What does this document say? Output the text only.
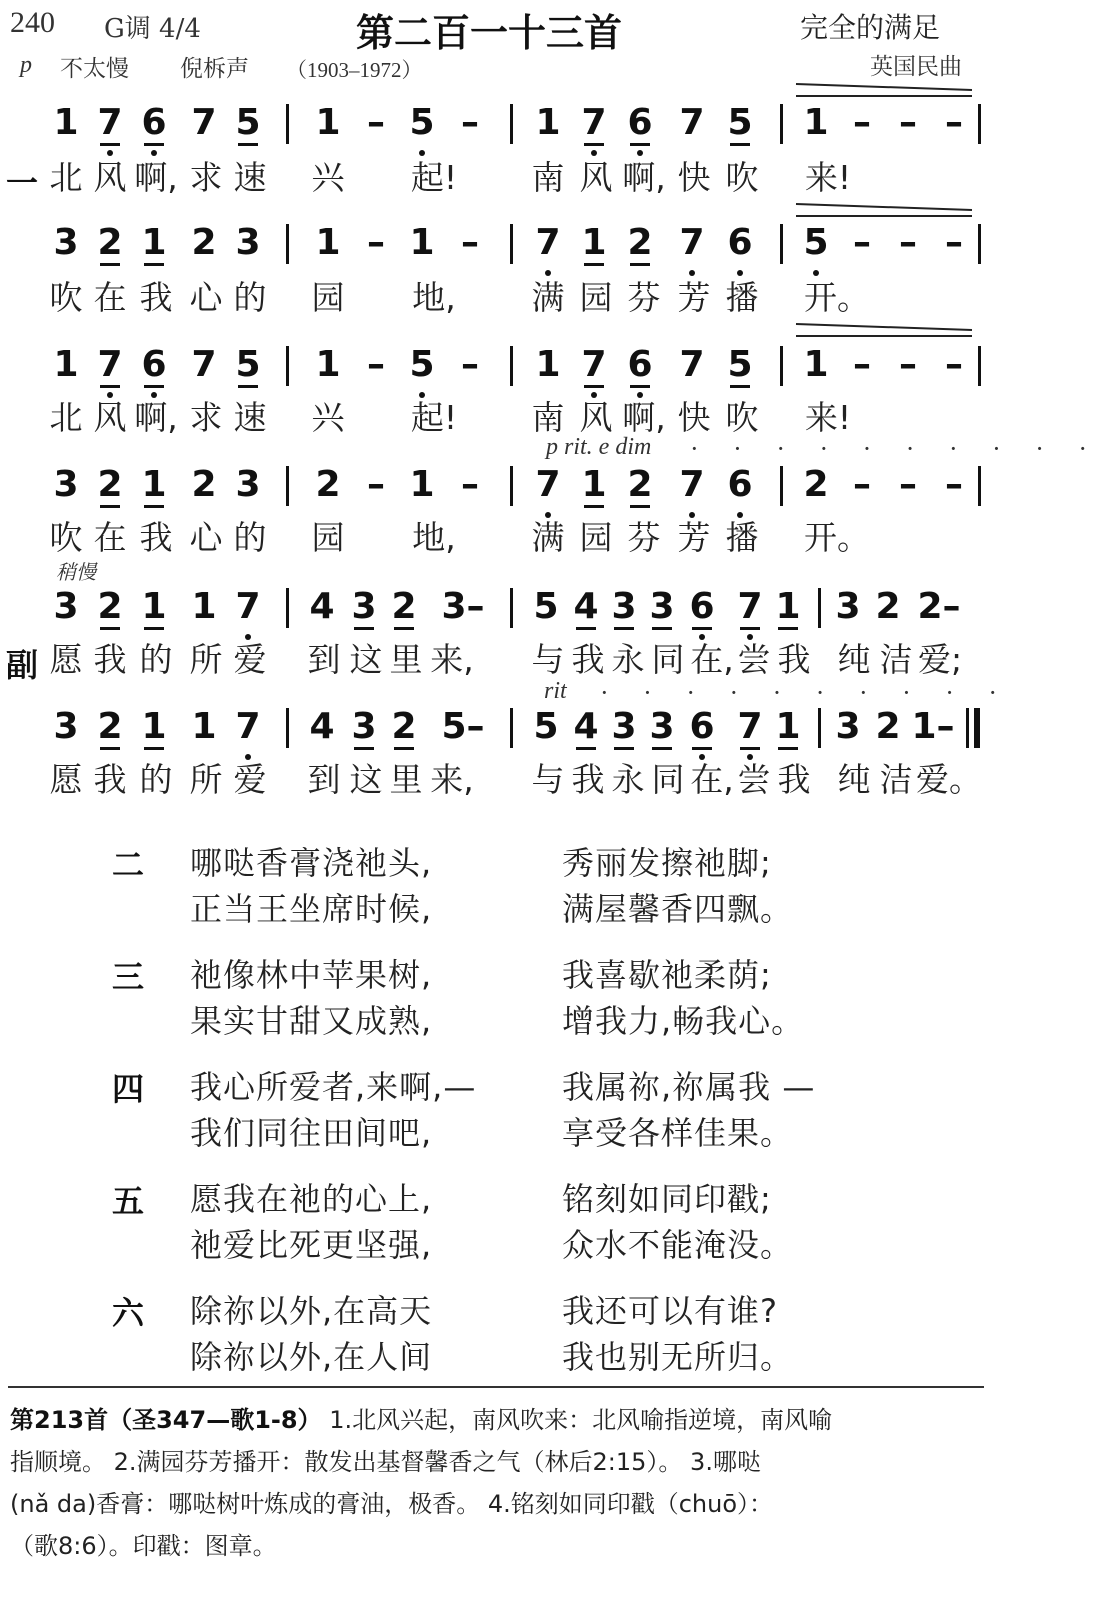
240 G调 4/4	第二百一十三首	完全的满足
p 不太慢 倪柝声 （1903–1972）	英国民曲
一
1 7 6 7 5 1 – 5 –	1 7 6 7 5 1 – – –
北 风 啊, 求 速 兴 起! 南 风 啊, 快 吹 来!
3 2 1 2 3 1 – 1 –	7 1 2 7 6 5 – – –
吹 在 我 心 的 园 地, 满 园 芬 芳 播 开。
1 7 6 7 5 1 – 5 –	1 7 6 7 5 1 – – –
北 风 啊, 求 速 兴 起! 南 风 啊, 快 吹 来!
p rit. e dim · · · · · · · · · ·
3 2 1 2 3 2 – 1 –	7 1 2 7 6 2 – – –
吹 在 我 心 的 园 地, 满 园 芬 芳 播 开。
稍慢
副
3 2 1 1 7 4 3 2 3–	5 4 3 3 6 7 1 3 2 2–
愿 我 的 所 爱 到 这 里 来, 与 我 永 同 在, 尝 我 纯 洁 爱;
rit · · · · · · · · · ·
3 2 1 1 7 4 3 2 5–	5 4 3 3 6 7 1 3 2 1–
愿 我 的 所 爱 到 这 里 来, 与 我 永 同 在, 尝 我 纯 洁 爱。
二 哪哒香膏浇祂头,	秀丽发擦祂脚;
正当王坐席时候,	满屋馨香四飘。
三 祂像林中苹果树,	我喜歇祂柔荫;
果实甘甜又成熟,	增我力,畅我心。
四 我心所爱者,来啊,—	我属祢,祢属我 —
我们同往田间吧,	享受各样佳果。
五 愿我在祂的心上,	铭刻如同印戳;
祂爱比死更坚强,	众水不能淹没。
六 除祢以外,在高天	我还可以有谁?
除祢以外,在人间	我也别无所归。
第213首（圣347—歌1-8） 1.北风兴起，南风吹来：北风喻指逆境，南风喻
指顺境。 2.满园芬芳播开：散发出基督馨香之气（林后2:15）。 3.哪哒
(nǎ da)香膏：哪哒树叶炼成的膏油，极香。 4.铭刻如同印戳（chuō）：
（歌8:6）。印戳：图章。
